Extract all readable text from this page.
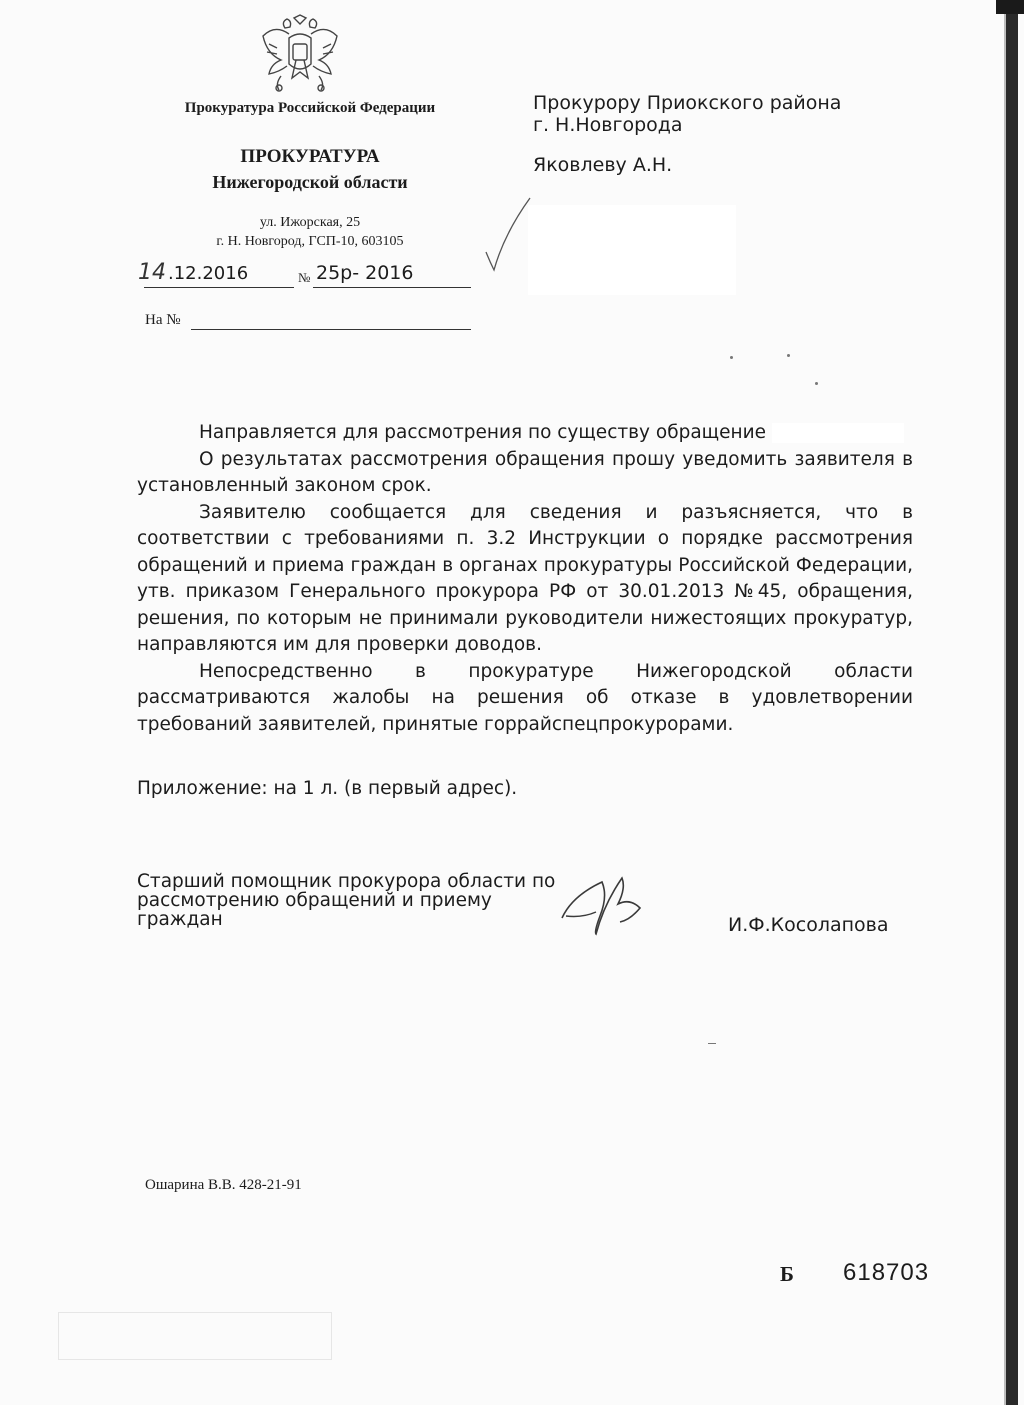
Прокуратура Российской Федерации
ПРОКУРАТУРА
Нижегородской области
ул. Ижорская, 25
г. Н. Новгород, ГСП-10, 603105
14 .12.2016	№ 25р- 2016
На №
Прокурору Приокского района
г. Н.Новгорода
Яковлеву А.Н.

Направляется для рассмотрения по существу обращение

О результатах рассмотрения обращения прошу уведомить заявителя в установленный законом срок.

Заявителю сообщается для сведения и разъясняется, что в соответствии с требованиями п. 3.2 Инструкции о порядке рассмотрения обращений и приема граждан в органах прокуратуры Российской Федерации, утв. приказом Генерального прокурора РФ от 30.01.2013 №45, обращения, решения, по которым не принимали руководители нижестоящих прокуратур, направляются им для проверки доводов.

Непосредственно в прокуратуре Нижегородской области рассматриваются жалобы на решения об отказе в удовлетворении требований заявителей, принятые горрайспецпрокурорами.

Приложение: на 1 л. (в первый адрес).
Старший помощник прокурора области по
рассмотрению обращений и приему
граждан	И.Ф.Косолапова
Ошарина В.В. 428-21-91
Б 618703
